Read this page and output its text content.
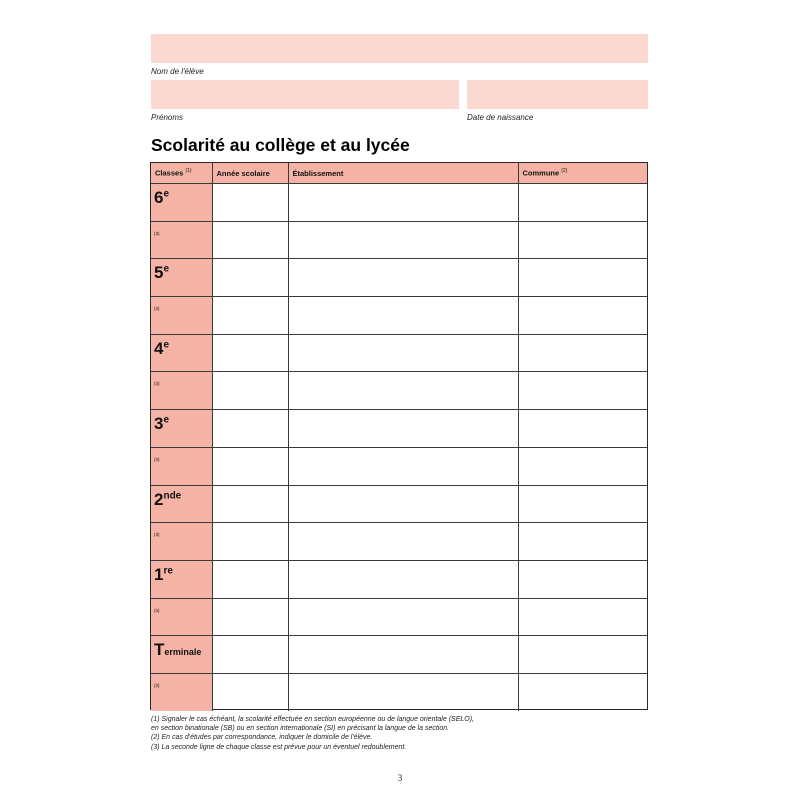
Nom de l'élève
Prénoms	Date de naissance
Scolarité au collège et au lycée
Classes $^{(1)}$	Année scolaire	Établissement	Commune $^{(2)}$
6e			
(3)			
5e			
(3)			
4e			
(3)			
3e			
(3)			
2nde			
(3)			
1re			
(3)			
Terminale			
(3)			
(1) Signaler le cas échéant, la scolarité effectuée en section européenne ou de langue orientale (SELO),
en section binationale (SB) ou en section internationale (SI) en précisant la langue de la section.
(2) En cas d'études par correspondance, indiquer le domicile de l'élève.
(3) La seconde ligne de chaque classe est prévue pour un éventuel redoublement.
3
